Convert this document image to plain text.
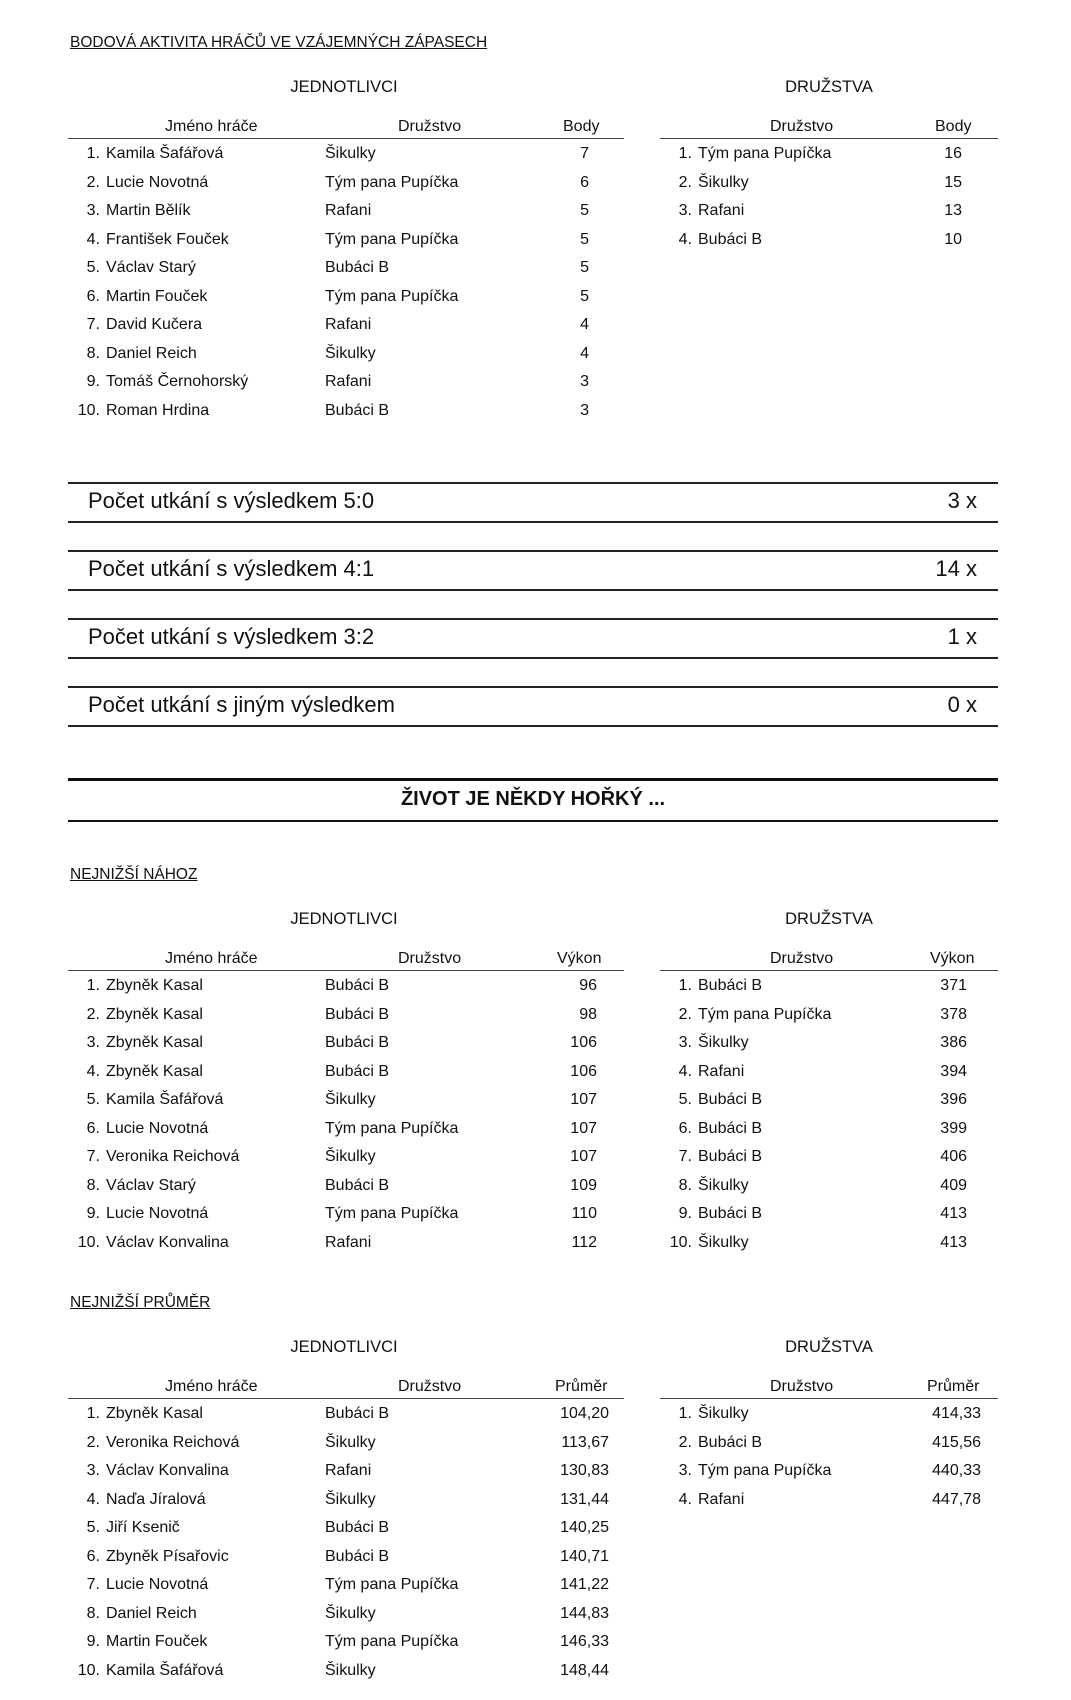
BODOVÁ AKTIVITA HRÁČŮ VE VZÁJEMNÝCH ZÁPASECH
JEDNOTLIVCI	DRUŽSTVA
Jméno hráče	Družstvo	Body	Družstvo	Body
1. Kamila Šafářová	Šikulky	7
2. Lucie Novotná	Tým pana Pupíčka	6
3. Martin Bělík	Rafani	5
4. František Fouček	Tým pana Pupíčka	5
5. Václav Starý	Bubáci B	5
6. Martin Fouček	Tým pana Pupíčka	5
7. David Kučera	Rafani	4
8. Daniel Reich	Šikulky	4
9. Tomáš Černohorský	Rafani	3
10. Roman Hrdina	Bubáci B	3
1. Tým pana Pupíčka	16
2. Šikulky	15
3. Rafani	13
4. Bubáci B	10
Počet utkání s výsledkem 5:0	3 x
Počet utkání s výsledkem 4:1	14 x
Počet utkání s výsledkem 3:2	1 x
Počet utkání s jiným výsledkem	0 x
ŽIVOT JE NĚKDY HOŘKÝ ...
NEJNIŽŠÍ NÁHOZ
JEDNOTLIVCI	DRUŽSTVA
Jméno hráče	Družstvo	Výkon	Družstvo	Výkon
1. Zbyněk Kasal	Bubáci B	96
2. Zbyněk Kasal	Bubáci B	98
3. Zbyněk Kasal	Bubáci B	106
4. Zbyněk Kasal	Bubáci B	106
5. Kamila Šafářová	Šikulky	107
6. Lucie Novotná	Tým pana Pupíčka	107
7. Veronika Reichová	Šikulky	107
8. Václav Starý	Bubáci B	109
9. Lucie Novotná	Tým pana Pupíčka	110
10. Václav Konvalina	Rafani	112
1. Bubáci B	371
2. Tým pana Pupíčka	378
3. Šikulky	386
4. Rafani	394
5. Bubáci B	396
6. Bubáci B	399
7. Bubáci B	406
8. Šikulky	409
9. Bubáci B	413
10. Šikulky	413
NEJNIŽŠÍ PRŮMĚR
JEDNOTLIVCI	DRUŽSTVA
Jméno hráče	Družstvo	Průměr	Družstvo	Průměr
1. Zbyněk Kasal	Bubáci B	104,20
2. Veronika Reichová	Šikulky	113,67
3. Václav Konvalina	Rafani	130,83
4. Naďa Jíralová	Šikulky	131,44
5. Jiří Ksenič	Bubáci B	140,25
6. Zbyněk Písařovic	Bubáci B	140,71
7. Lucie Novotná	Tým pana Pupíčka	141,22
8. Daniel Reich	Šikulky	144,83
9. Martin Fouček	Tým pana Pupíčka	146,33
10. Kamila Šafářová	Šikulky	148,44
1. Šikulky	414,33
2. Bubáci B	415,56
3. Tým pana Pupíčka	440,33
4. Rafani	447,78
